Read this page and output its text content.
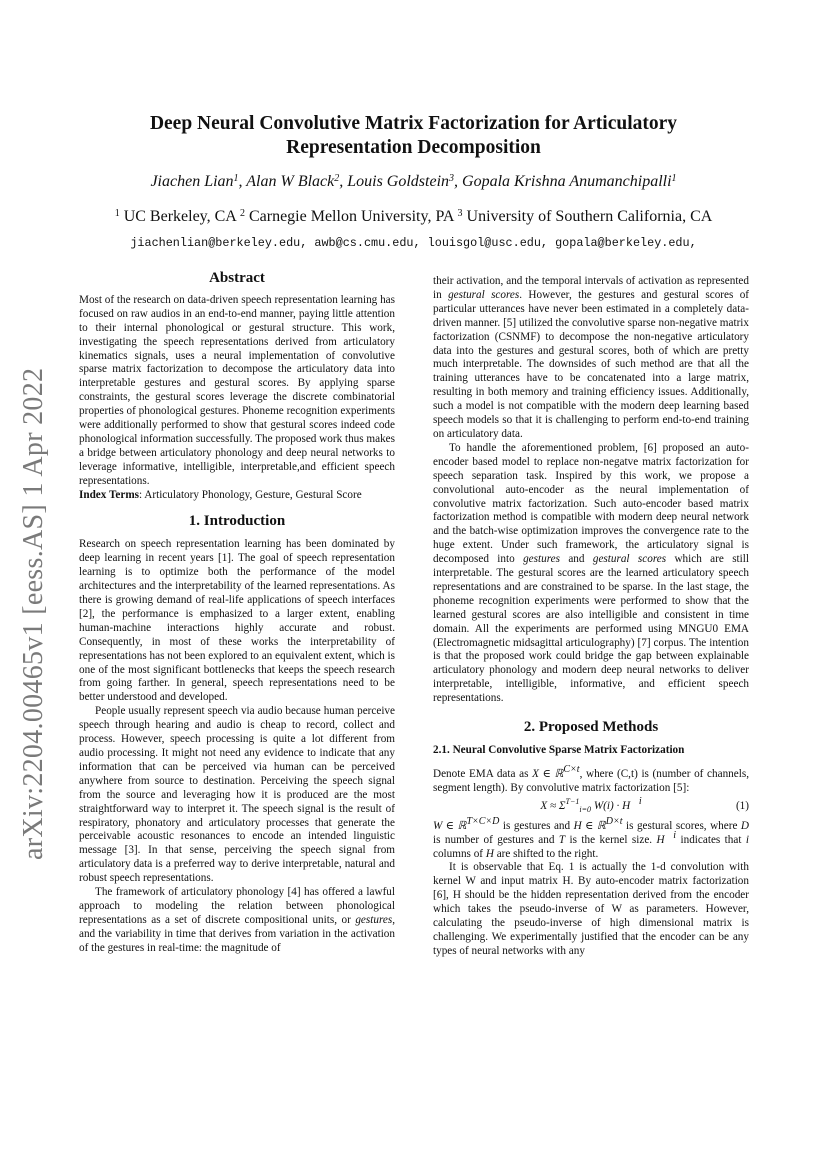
arXiv:2204.00465v1 [eess.AS] 1 Apr 2022
Deep Neural Convolutive Matrix Factorization for Articulatory
Representation Decomposition
Jiachen Lian$^1$, Alan W Black$^2$, Louis Goldstein$^3$, Gopala Krishna Anumanchipalli$^1$
$^1$ UC Berkeley, CA $^2$ Carnegie Mellon University, PA $^3$ University of Southern California, CA
jiachenlian@berkeley.edu, awb@cs.cmu.edu, louisgol@usc.edu, gopala@berkeley.edu,
Abstract

Most of the research on data-driven speech representation learning has focused on raw audios in an end-to-end manner, paying little attention to their internal phonological or gestural structure. This work, investigating the speech representations derived from articulatory kinematics signals, uses a neural implementation of convolutive sparse matrix factorization to decompose the articulatory data into interpretable gestures and gestural scores. By applying sparse constraints, the gestural scores leverage the discrete combinatorial properties of phonological gestures. Phoneme recognition experiments were additionally performed to show that gestural scores indeed code phonological information successfully. The proposed work thus makes a bridge between articulatory phonology and deep neural networks to leverage informative, intelligible, interpretable,and efficient speech representations.

Index Terms: Articulatory Phonology, Gesture, Gestural Score

1. Introduction

Research on speech representation learning has been dominated by deep learning in recent years [1]. The goal of speech representation learning is to optimize both the performance of the model architectures and the interpretability of the learned representations. As there is growing demand of real-life applications of speech interfaces [2], the performance is emphasized to a larger extent, enabling human-machine interactions highly accurate and robust. Consequently, in most of these works the interpretability of representations has not been explored to an equivalent extent, which is one of the most significant bottlenecks that keeps the speech research from going farther. In general, speech representations need to be better understood and developed.

People usually represent speech via audio because human perceive speech through hearing and audio is cheap to record, collect and process. However, speech processing is quite a lot different from audio processing. It might not need any evidence to indicate that any information that can be perceived via human can be perceived anywhere from source to destination. Perceiving the speech signal from the source and leveraging how it is produced are the most straightforward way to interpret it. The speech signal is the result of respiratory, phonatory and articulatory processes that generate the perceivable acoustic resonances to encode an intended linguistic message [3]. In that sense, perceiving the speech signal from articulatory data is a preferred way to derive interpretable, natural and robust speech representations.

The framework of articulatory phonology [4] has offered a lawful approach to modeling the relation between phonological representations as a set of discrete compositional units, or gestures, and the variability in time that derives from variation in the activation of the gestures in real-time: the magnitude of

their activation, and the temporal intervals of activation as represented in gestural scores. However, the gestures and gestural scores of particular utterances have never been estimated in a completely data-driven manner. [5] utilized the convolutive sparse non-negative matrix factorization (CSNMF) to decompose the non-negative articulatory data into the gestures and gestural scores, both of which are pretty much interpretable. The downsides of such method are that all the training utterances have to be concatenated into a large matrix, resulting in both memory and training efficiency issues. Additionally, such a model is not compatible with the modern deep learning based speech models so that it is challenging to perform end-to-end training on articulatory data.

To handle the aforementioned problem, [6] proposed an auto-encoder based model to replace non-negatve matrix factorization for speech separation task. Inspired by this work, we propose a convolutional auto-encoder as the neural implementation of convolutive matrix factorization. Such auto-encoder based matrix factorization method is compatible with modern deep neural network and the batch-wise optimization improves the convergence rate to the huge extent. Under such framework, the articulatory signal is decomposed into gestures and gestural scores which are still interpretable. The gestural scores are the learned articulatory speech representations and are constrained to be sparse. In the last stage, the phoneme recognition experiments were performed to show that the learned gestural scores are also intelligible and consistent in time domain. All the experiments are performed using MNGU0 EMA (Electromagnetic midsagittal articulography) [7] corpus. The intention is that the proposed work could bridge the gap between explainable articulatory phonology and modern deep neural networks to deliver interpretable, intelligible, informative, and efficient speech representations.

2. Proposed Methods
2.1. Neural Convolutive Sparse Matrix Factorization

Denote EMA data as X ∈ ℝ$^{C\times t}$, where (C,t) is (number of channels, segment length). By convolutive matrix factorization [5]:

$X \approx \Sigma^{T-1}_{i=0}$ W(i) · H⃗$^i$	(1)

W ∈ ℝ$^{T\times C\times D}$ is gestures and H ∈ ℝ$^{D\times t}$ is gestural scores, where D is number of gestures and T is the kernel size. H⃗$^i$ indicates that i columns of H are shifted to the right.

It is observable that Eq. 1 is actually the 1-d convolution with kernel W and input matrix H. By auto-encoder matrix factorization [6], H should be the hidden representation derived from the encoder which takes the pseudo-inverse of W as parameters. However, calculating the pseudo-inverse of high dimensional matrix is challenging. We experimentally justified that the encoder can be any types of neural networks with any
